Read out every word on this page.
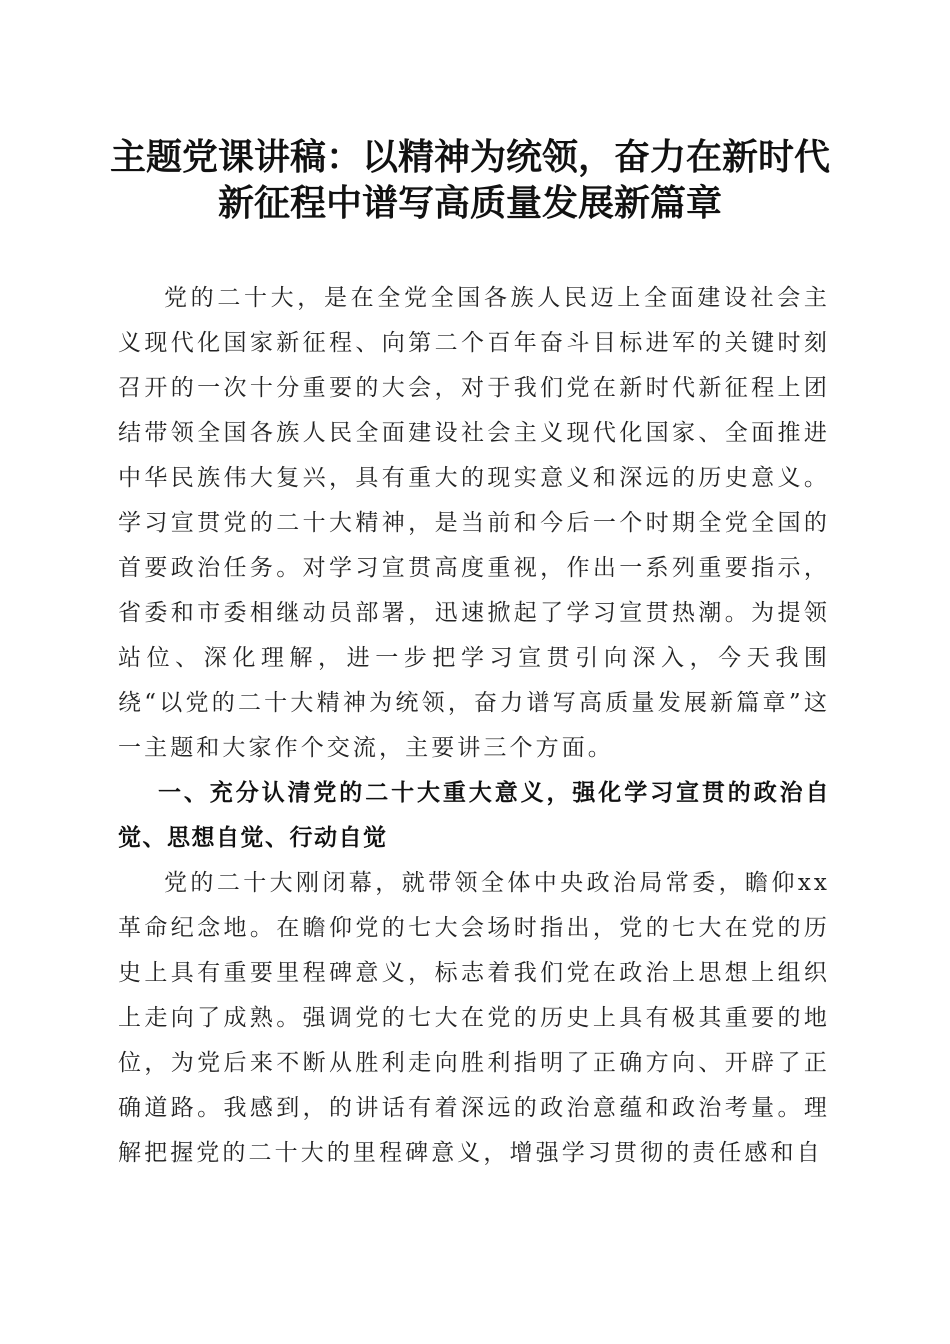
主题党课讲稿：以精神为统领，奋力在新时代
新征程中谱写高质量发展新篇章

党的二十大，是在全党全国各族人民迈上全面建设社会主义现代化国家新征程、向第二个百年奋斗目标进军的关键时刻召开的一次十分重要的大会，对于我们党在新时代新征程上团结带领全国各族人民全面建设社会主义现代化国家、全面推进中华民族伟大复兴，具有重大的现实意义和深远的历史意义。学习宣贯党的二十大精神，是当前和今后一个时期全党全国的首要政治任务。对学习宣贯高度重视，作出一系列重要指示，省委和市委相继动员部署，迅速掀起了学习宣贯热潮。为提领站位、深化理解，进一步把学习宣贯引向深入，今天我围绕“以党的二十大精神为统领，奋力谱写高质量发展新篇章”这一主题和大家作个交流，主要讲三个方面。

一、充分认清党的二十大重大意义，强化学习宣贯的政治自觉、思想自觉、行动自觉

党的二十大刚闭幕，就带领全体中央政治局常委，瞻仰xx革命纪念地。在瞻仰党的七大会场时指出，党的七大在党的历史上具有重要里程碑意义，标志着我们党在政治上思想上组织上走向了成熟。强调党的七大在党的历史上具有极其重要的地位，为党后来不断从胜利走向胜利指明了正确方向、开辟了正确道路。我感到，的讲话有着深远的政治意蕴和政治考量。理解把握党的二十大的里程碑意义，增强学习贯彻的责任感和自
